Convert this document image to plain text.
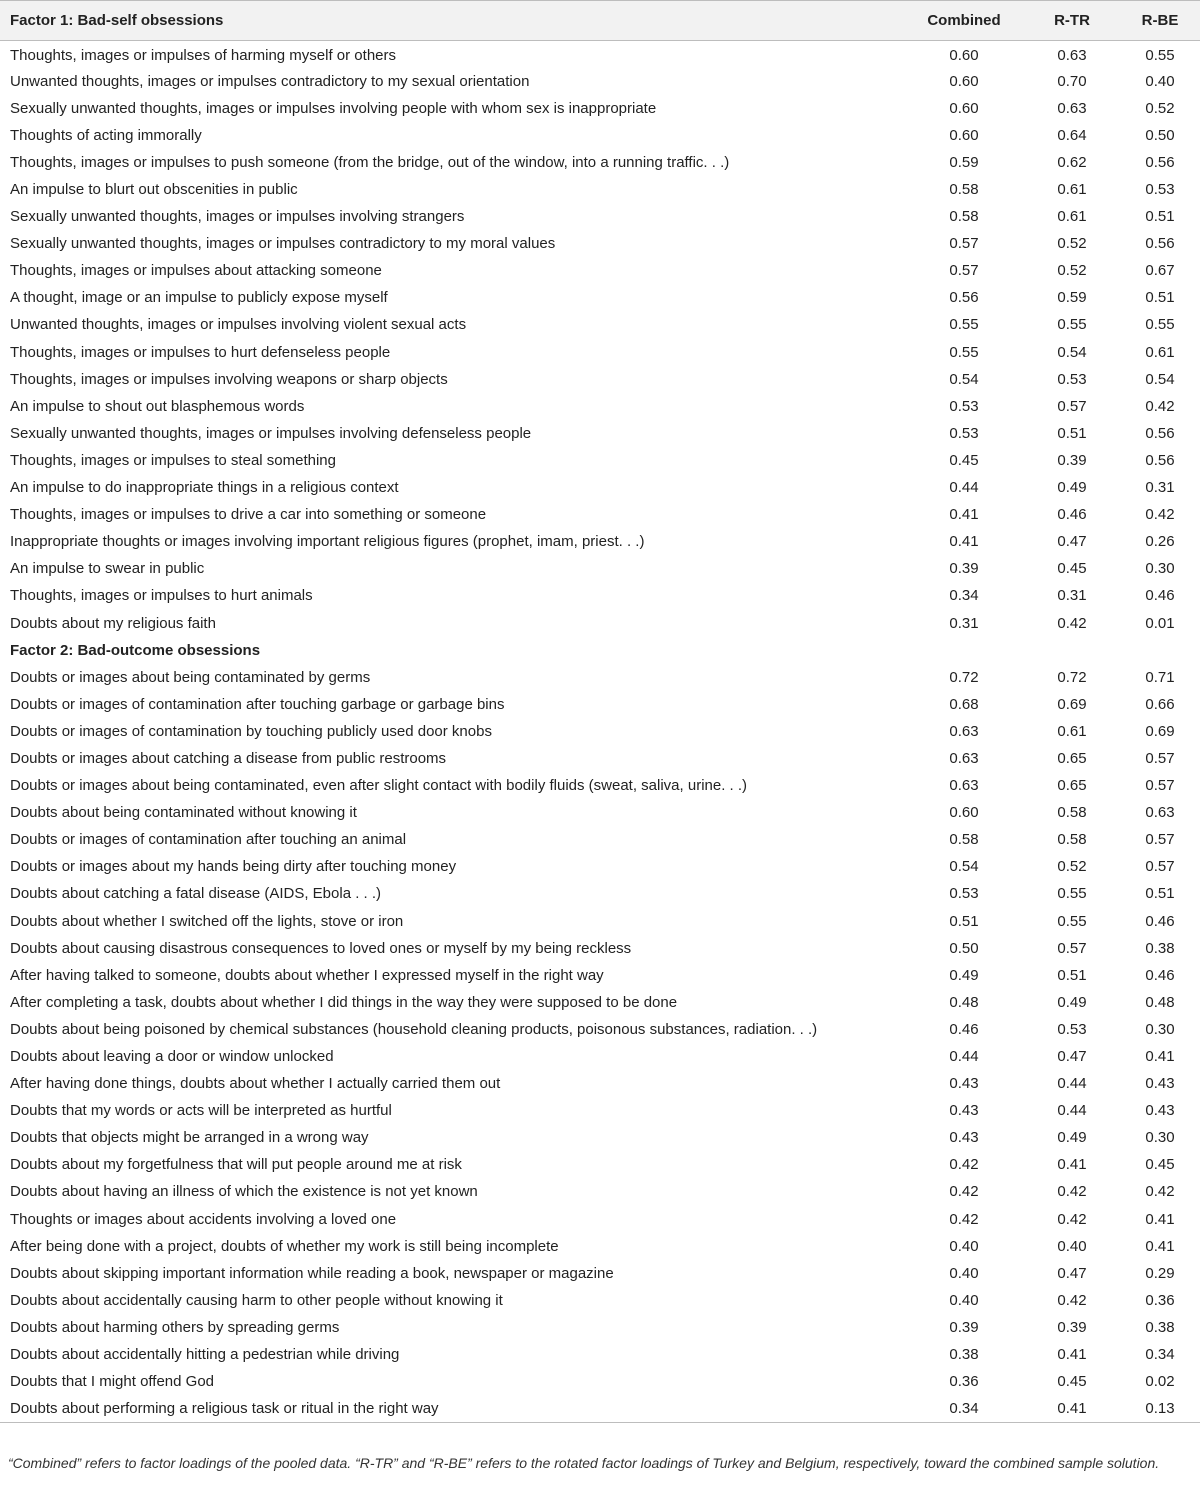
Factor 1: Bad-self obsessions	Combined	R-TR	R-BE
Thoughts, images or impulses of harming myself or others	0.60	0.63	0.55
Unwanted thoughts, images or impulses contradictory to my sexual orientation	0.60	0.70	0.40
Sexually unwanted thoughts, images or impulses involving people with whom sex is inappropriate	0.60	0.63	0.52
Thoughts of acting immorally	0.60	0.64	0.50
Thoughts, images or impulses to push someone (from the bridge, out of the window, into a running traffic. . .)	0.59	0.62	0.56
An impulse to blurt out obscenities in public	0.58	0.61	0.53
Sexually unwanted thoughts, images or impulses involving strangers	0.58	0.61	0.51
Sexually unwanted thoughts, images or impulses contradictory to my moral values	0.57	0.52	0.56
Thoughts, images or impulses about attacking someone	0.57	0.52	0.67
A thought, image or an impulse to publicly expose myself	0.56	0.59	0.51
Unwanted thoughts, images or impulses involving violent sexual acts	0.55	0.55	0.55
Thoughts, images or impulses to hurt defenseless people	0.55	0.54	0.61
Thoughts, images or impulses involving weapons or sharp objects	0.54	0.53	0.54
An impulse to shout out blasphemous words	0.53	0.57	0.42
Sexually unwanted thoughts, images or impulses involving defenseless people	0.53	0.51	0.56
Thoughts, images or impulses to steal something	0.45	0.39	0.56
An impulse to do inappropriate things in a religious context	0.44	0.49	0.31
Thoughts, images or impulses to drive a car into something or someone	0.41	0.46	0.42
Inappropriate thoughts or images involving important religious figures (prophet, imam, priest. . .)	0.41	0.47	0.26
An impulse to swear in public	0.39	0.45	0.30
Thoughts, images or impulses to hurt animals	0.34	0.31	0.46
Doubts about my religious faith	0.31	0.42	0.01
Factor 2: Bad-outcome obsessions			
Doubts or images about being contaminated by germs	0.72	0.72	0.71
Doubts or images of contamination after touching garbage or garbage bins	0.68	0.69	0.66
Doubts or images of contamination by touching publicly used door knobs	0.63	0.61	0.69
Doubts or images about catching a disease from public restrooms	0.63	0.65	0.57
Doubts or images about being contaminated, even after slight contact with bodily fluids (sweat, saliva, urine. . .)	0.63	0.65	0.57
Doubts about being contaminated without knowing it	0.60	0.58	0.63
Doubts or images of contamination after touching an animal	0.58	0.58	0.57
Doubts or images about my hands being dirty after touching money	0.54	0.52	0.57
Doubts about catching a fatal disease (AIDS, Ebola . . .)	0.53	0.55	0.51
Doubts about whether I switched off the lights, stove or iron	0.51	0.55	0.46
Doubts about causing disastrous consequences to loved ones or myself by my being reckless	0.50	0.57	0.38
After having talked to someone, doubts about whether I expressed myself in the right way	0.49	0.51	0.46
After completing a task, doubts about whether I did things in the way they were supposed to be done	0.48	0.49	0.48
Doubts about being poisoned by chemical substances (household cleaning products, poisonous substances, radiation. . .)	0.46	0.53	0.30
Doubts about leaving a door or window unlocked	0.44	0.47	0.41
After having done things, doubts about whether I actually carried them out	0.43	0.44	0.43
Doubts that my words or acts will be interpreted as hurtful	0.43	0.44	0.43
Doubts that objects might be arranged in a wrong way	0.43	0.49	0.30
Doubts about my forgetfulness that will put people around me at risk	0.42	0.41	0.45
Doubts about having an illness of which the existence is not yet known	0.42	0.42	0.42
Thoughts or images about accidents involving a loved one	0.42	0.42	0.41
After being done with a project, doubts of whether my work is still being incomplete	0.40	0.40	0.41
Doubts about skipping important information while reading a book, newspaper or magazine	0.40	0.47	0.29
Doubts about accidentally causing harm to other people without knowing it	0.40	0.42	0.36
Doubts about harming others by spreading germs	0.39	0.39	0.38
Doubts about accidentally hitting a pedestrian while driving	0.38	0.41	0.34
Doubts that I might offend God	0.36	0.45	0.02
Doubts about performing a religious task or ritual in the right way	0.34	0.41	0.13
“Combined” refers to factor loadings of the pooled data. “R-TR” and “R-BE” refers to the rotated factor loadings of Turkey and Belgium, respectively, toward the combined sample solution.
